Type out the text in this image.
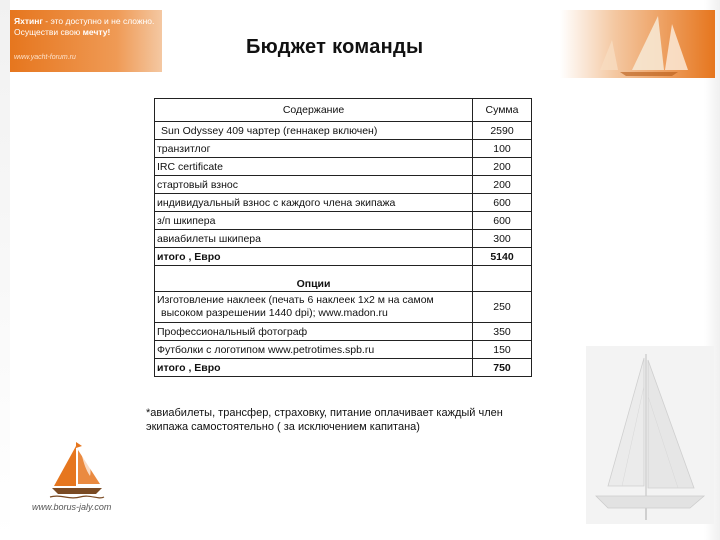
Яхтинг - это доступно и не сложно.
Осуществи свою мечту!
www.yacht-forum.ru	Бюджет команды
Содержание	Сумма
Sun Odyssey 409 чартер (геннакер включен)	2590
транзитлог	100
IRC certificate	200
стартовый взнос	200
индивидуальный взнос с каждого члена экипажа	600
з/п шкипера	600
авиабилеты шкипера	300
итого , Евро	5140
Опции	
Изготовление наклеек (печать 6 наклеек 1х2 м на самом
высоком разрешении 1440 dpi); www.madon.ru	250
Профессиональный фотограф	350
Футболки с логотипом www.petrotimes.spb.ru	150
итого , Евро	750
*авиабилеты, трансфер, страховку, питание оплачивает каждый член
экипажа самостоятельно ( за исключением капитана)
www.borus-jaly.com
